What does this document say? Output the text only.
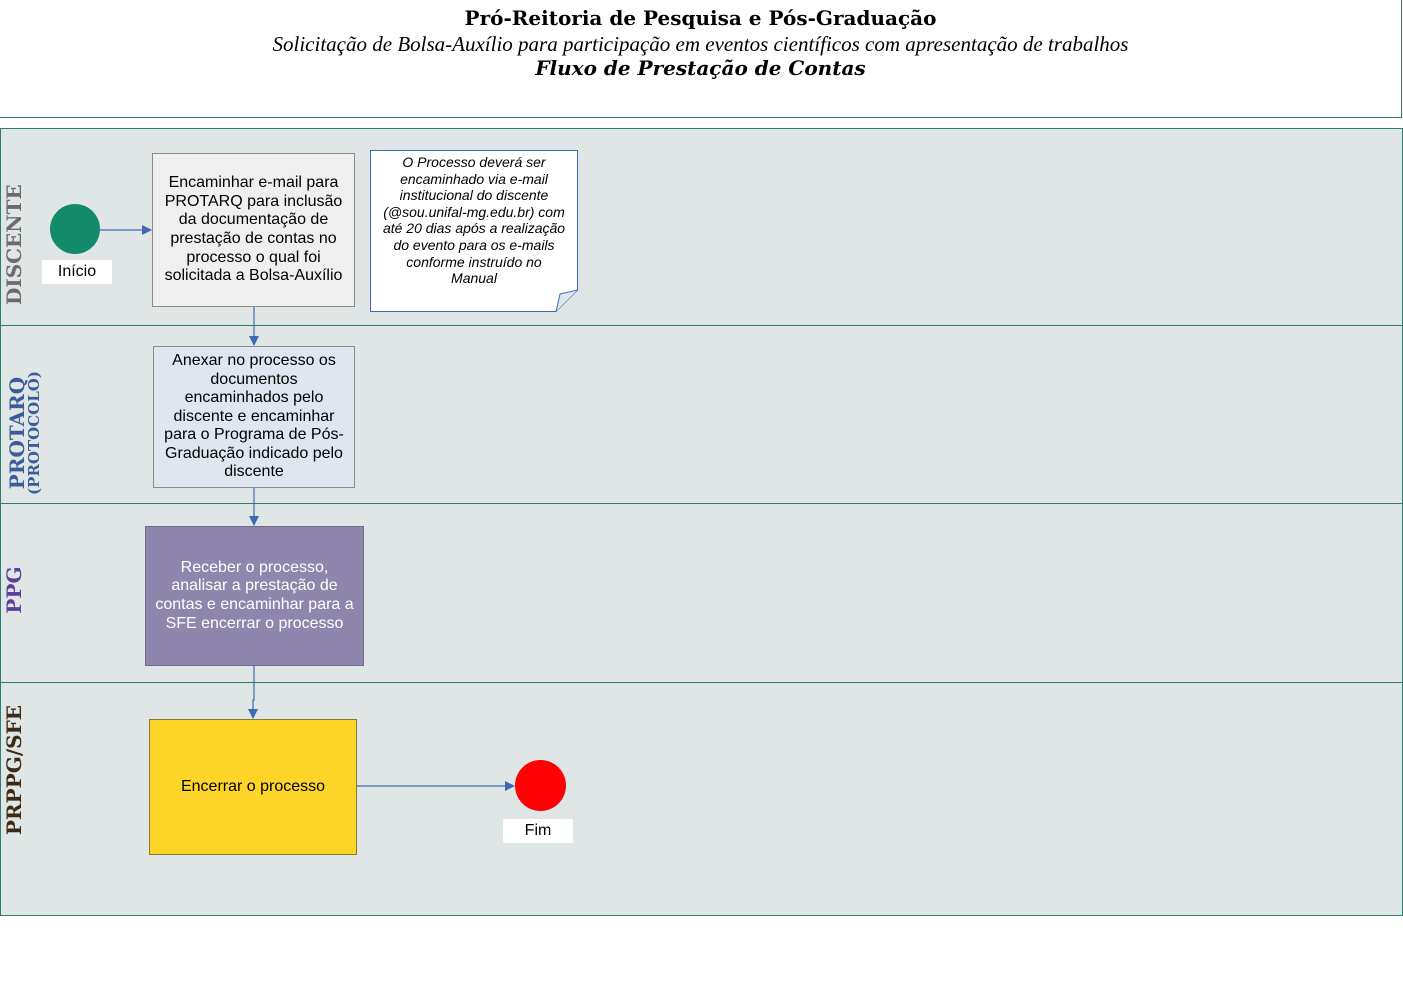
Pró-Reitoria de Pesquisa e Pós-Graduação
Solicitação de Bolsa-Auxílio para participação em eventos científicos com apresentação de trabalhos
Fluxo de Prestação de Contas
DISCENTE
PROTARQ
(PROTOCOLO)
PPG
PRPPG/SFE
Início
Encaminhar e-mail para PROTARQ para inclusão da documentação de prestação de contas no processo o qual foi solicitada a Bolsa-Auxílio
O Processo deverá ser encaminhado via e-mail institucional do discente (@sou.unifal-mg.edu.br) com até 20 dias após a realização do evento para os e-mails conforme instruído no Manual
Anexar no processo os documentos encaminhados pelo discente e encaminhar para o Programa de Pós-Graduação indicado pelo discente
Receber o processo, analisar a prestação de contas e encaminhar para a SFE encerrar o processo
Encerrar o processo
Fim
